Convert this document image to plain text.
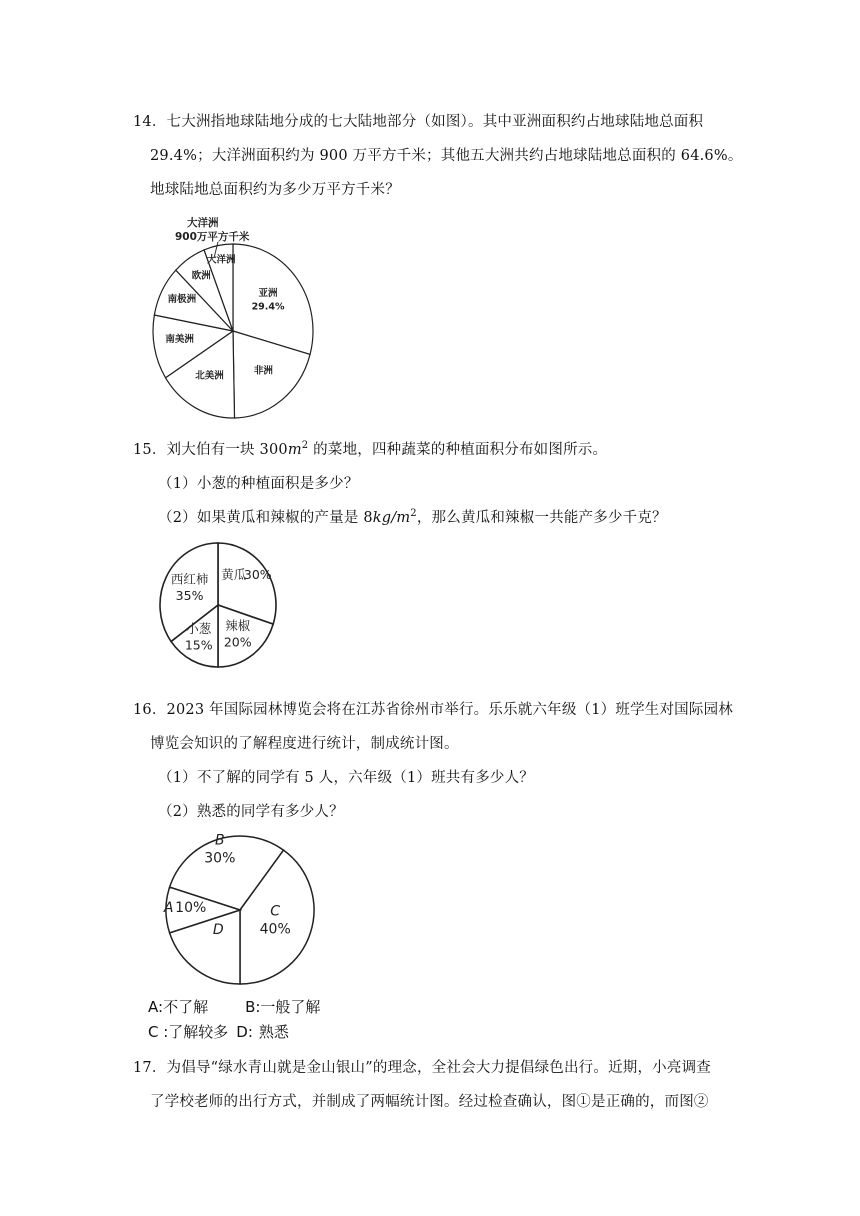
14．七大洲指地球陆地分成的七大陆地部分（如图）。其中亚洲面积约占地球陆地总面积
29.4%；大洋洲面积约为 900 万平方千米；其他五大洲共约占地球陆地总面积的 64.6%。
地球陆地总面积约为多少万平方千米？
亚洲
29.4%
非洲
北美洲
南美洲
南极洲
欧洲
大洋洲
大洋洲
900万平方千米
15．刘大伯有一块 $300m^2$ 的菜地，四种蔬菜的种植面积分布如图所示。
（1）小葱的种植面积是多少？
（2）如果黄瓜和辣椒的产量是 $8kg/m^2$，那么黄瓜和辣椒一共能产多少千克？
黄瓜
30%
辣椒
20%
小葱
15%
西红柿
35%
16．2023 年国际园林博览会将在江苏省徐州市举行。乐乐就六年级（1）班学生对国际园林
博览会知识的了解程度进行统计，制成统计图。
（1）不了解的同学有 5 人，六年级（1）班共有多少人？
（2）熟悉的同学有多少人？
B
30%
C
40%
D
A 10%
A:不了解 B:一般了解
C :了解较多 D: 熟悉
17．为倡导“绿水青山就是金山银山”的理念，全社会大力提倡绿色出行。近期，小亮调查
了学校老师的出行方式，并制成了两幅统计图。经过检查确认，图①是正确的，而图②
